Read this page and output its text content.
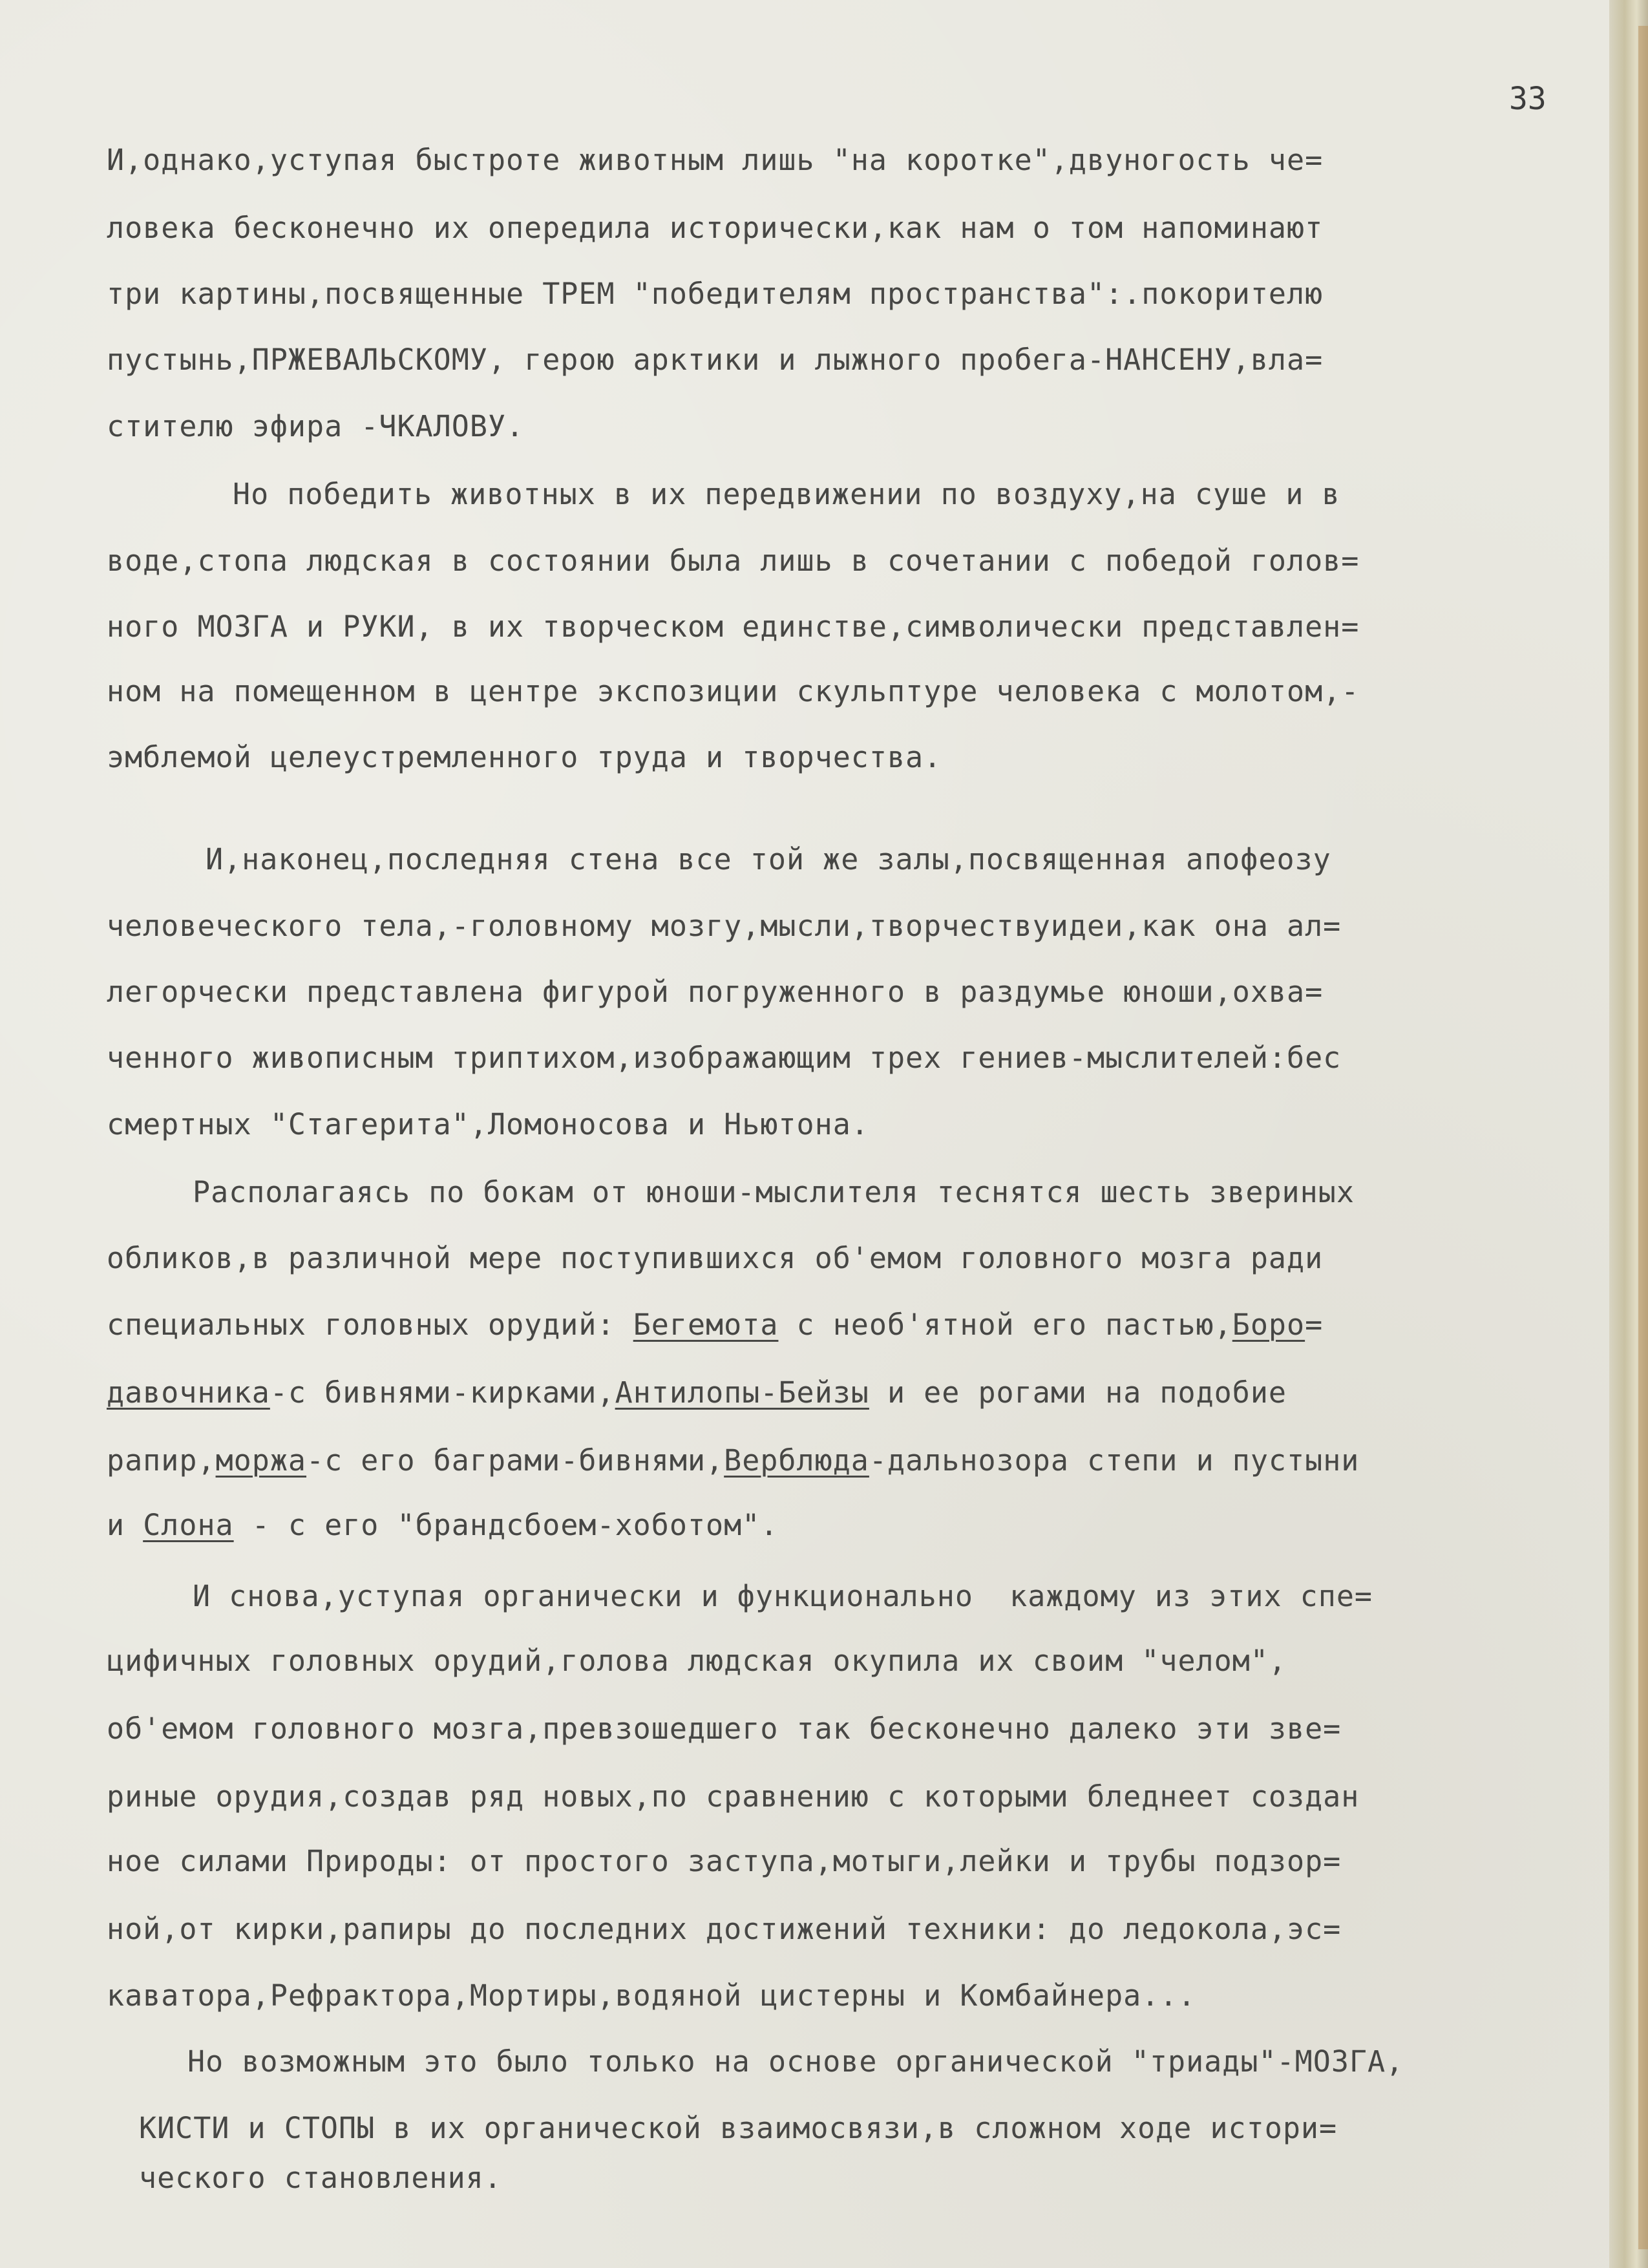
33
И,однако,уступая быстроте животным лишь "на коротке",двуногость че=
ловека бесконечно их опередила исторически,как нам о том напоминают
три картины,посвященные ТРЕМ "победителям пространства":.покорителю
пустынь,ПРЖЕВАЛЬСКОМУ, герою арктики и лыжного пробега-НАНСЕНУ,вла=
стителю эфира -ЧКАЛОВУ.
Но победить животных в их передвижении по воздуху,на суше и в
воде,стопа людская в состоянии была лишь в сочетании с победой голов=
ного МОЗГА и РУКИ, в их творческом единстве,символически представлен=
ном на помещенном в центре экспозиции скульптуре человека с молотом,-
эмблемой целеустремленного труда и творчества.
И,наконец,последняя стена все той же залы,посвященная апофеозу
человеческого тела,-головному мозгу,мысли,творчествуидеи,как она ал=
легорчески представлена фигурой погруженного в раздумье юноши,охва=
ченного живописным триптихом,изображающим трех гениев-мыслителей:бес
смертных "Стагерита",Ломоносова и Ньютона.
Располагаясь по бокам от юноши-мыслителя теснятся шесть звериных
обликов,в различной мере поступившихся об'емом головного мозга ради
специальных головных орудий: Бегемота с необ'ятной его пастью,Боро=
давочника-с бивнями-кирками,Антилопы-Бейзы и ее рогами на подобие
рапир,моржа-с его баграми-бивнями,Верблюда-дальнозора степи и пустыни
и Слона - с его "брандсбоем-хоботом".
И снова,уступая органически и функционально  каждому из этих спе=
цифичных головных орудий,голова людская окупила их своим "челом",
об'емом головного мозга,превзошедшего так бесконечно далеко эти зве=
риные орудия,создав ряд новых,по сравнению с которыми бледнеет создан
ное силами Природы: от простого заступа,мотыги,лейки и трубы подзор=
ной,от кирки,рапиры до последних достижений техники: до ледокола,эс=
каватора,Рефрактора,Мортиры,водяной цистерны и Комбайнера...
Но возможным это было только на основе органической "триады"-МОЗГА,
КИСТИ и СТОПЫ в их органической взаимосвязи,в сложном ходе истори=
ческого становления.
